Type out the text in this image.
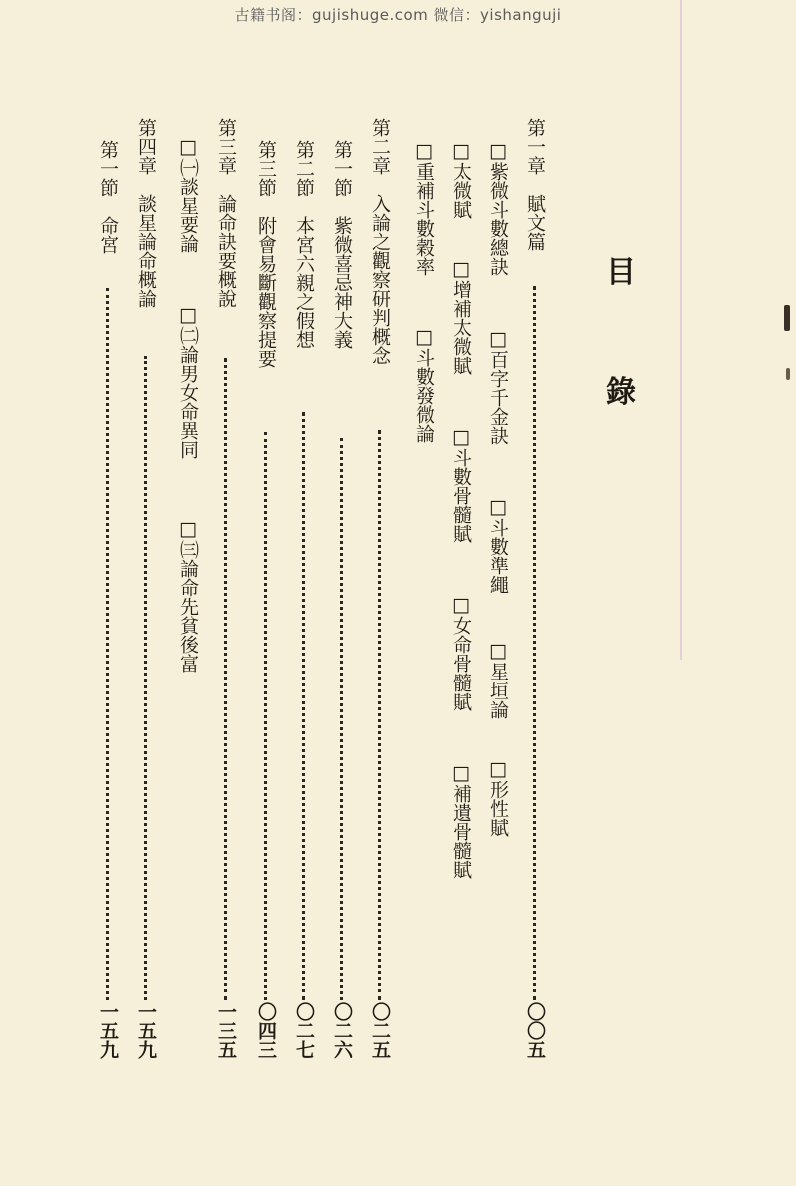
古籍书阁：gujishuge.com 微信：yishanguji
目
錄
第一章　賦文篇
〇〇五
□紫微斗數總訣
□百字千金訣
□斗數準繩
□星垣論
□形性賦
□太微賦
□增補太微賦
□斗數骨髓賦
□女命骨髓賦
□補遺骨髓賦
□重補斗數穀率
□斗數發微論
第二章　入論之觀察研判概念
〇二五
第一節　紫微喜忌神大義
〇二六
第二節　本宮六親之假想
〇二七
第三節　附會易斷觀察提要
〇四三
第三章　論命訣要概說
一三五
□㈠談星要論
□㈡論男女命異同
□㈢論命先貧後富
第四章　談星論命概論
一五九
第一節　命宮
一五九
